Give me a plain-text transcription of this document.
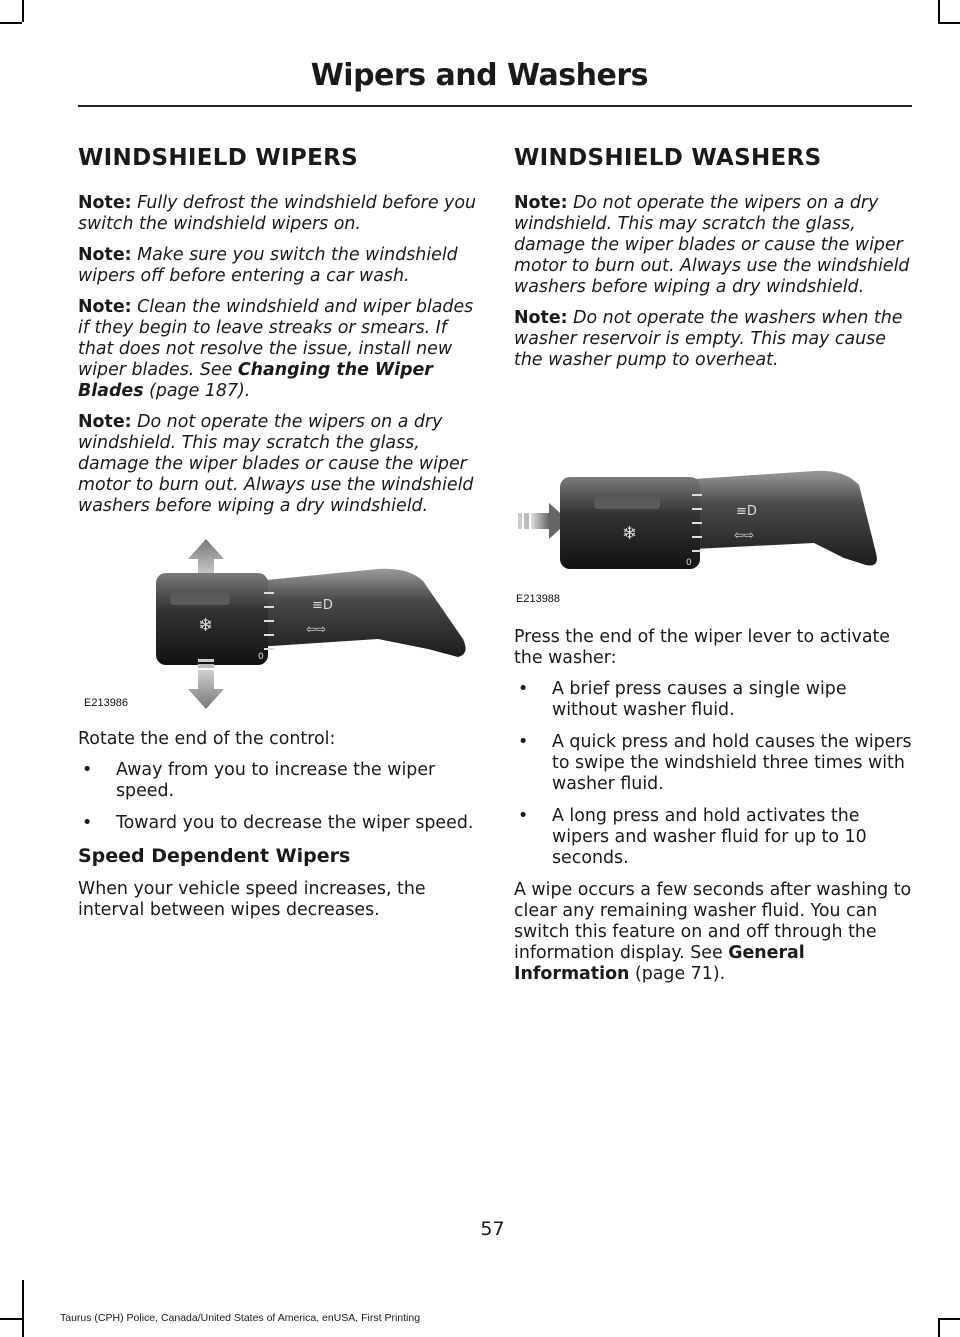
Wipers and Washers
WINDSHIELD WIPERS

Note: Fully defrost the windshield before you switch the windshield wipers on.

Note: Make sure you switch the windshield wipers off before entering a car wash.

Note: Clean the windshield and wiper blades if they begin to leave streaks or smears. If that does not resolve the issue, install new wiper blades. See Changing the Wiper Blades (page 187).

Note: Do not operate the wipers on a dry windshield. This may scratch the glass, damage the wiper blades or cause the wiper motor to burn out. Always use the windshield washers before wiping a dry windshield.

❄
0
≡D
⇦⇨
E213986

Rotate the end of the control:

• Away from you to increase the wiper speed.
• Toward you to decrease the wiper speed.
Speed Dependent Wipers

When your vehicle speed increases, the interval between wipes decreases.

WINDSHIELD WASHERS

Note: Do not operate the wipers on a dry windshield. This may scratch the glass, damage the wiper blades or cause the wiper motor to burn out. Always use the windshield washers before wiping a dry windshield.

Note: Do not operate the washers when the washer reservoir is empty. This may cause the washer pump to overheat.

❄
0
≡D
⇦⇨
E213988

Press the end of the wiper lever to activate the washer:

• A brief press causes a single wipe without washer fluid.
• A quick press and hold causes the wipers to swipe the windshield three times with washer fluid.
• A long press and hold activates the wipers and washer fluid for up to 10 seconds.

A wipe occurs a few seconds after washing to clear any remaining washer fluid. You can switch this feature on and off through the information display. See General Information (page 71).

57
Taurus (CPH) Police, Canada/United States of America, enUSA, First Printing
